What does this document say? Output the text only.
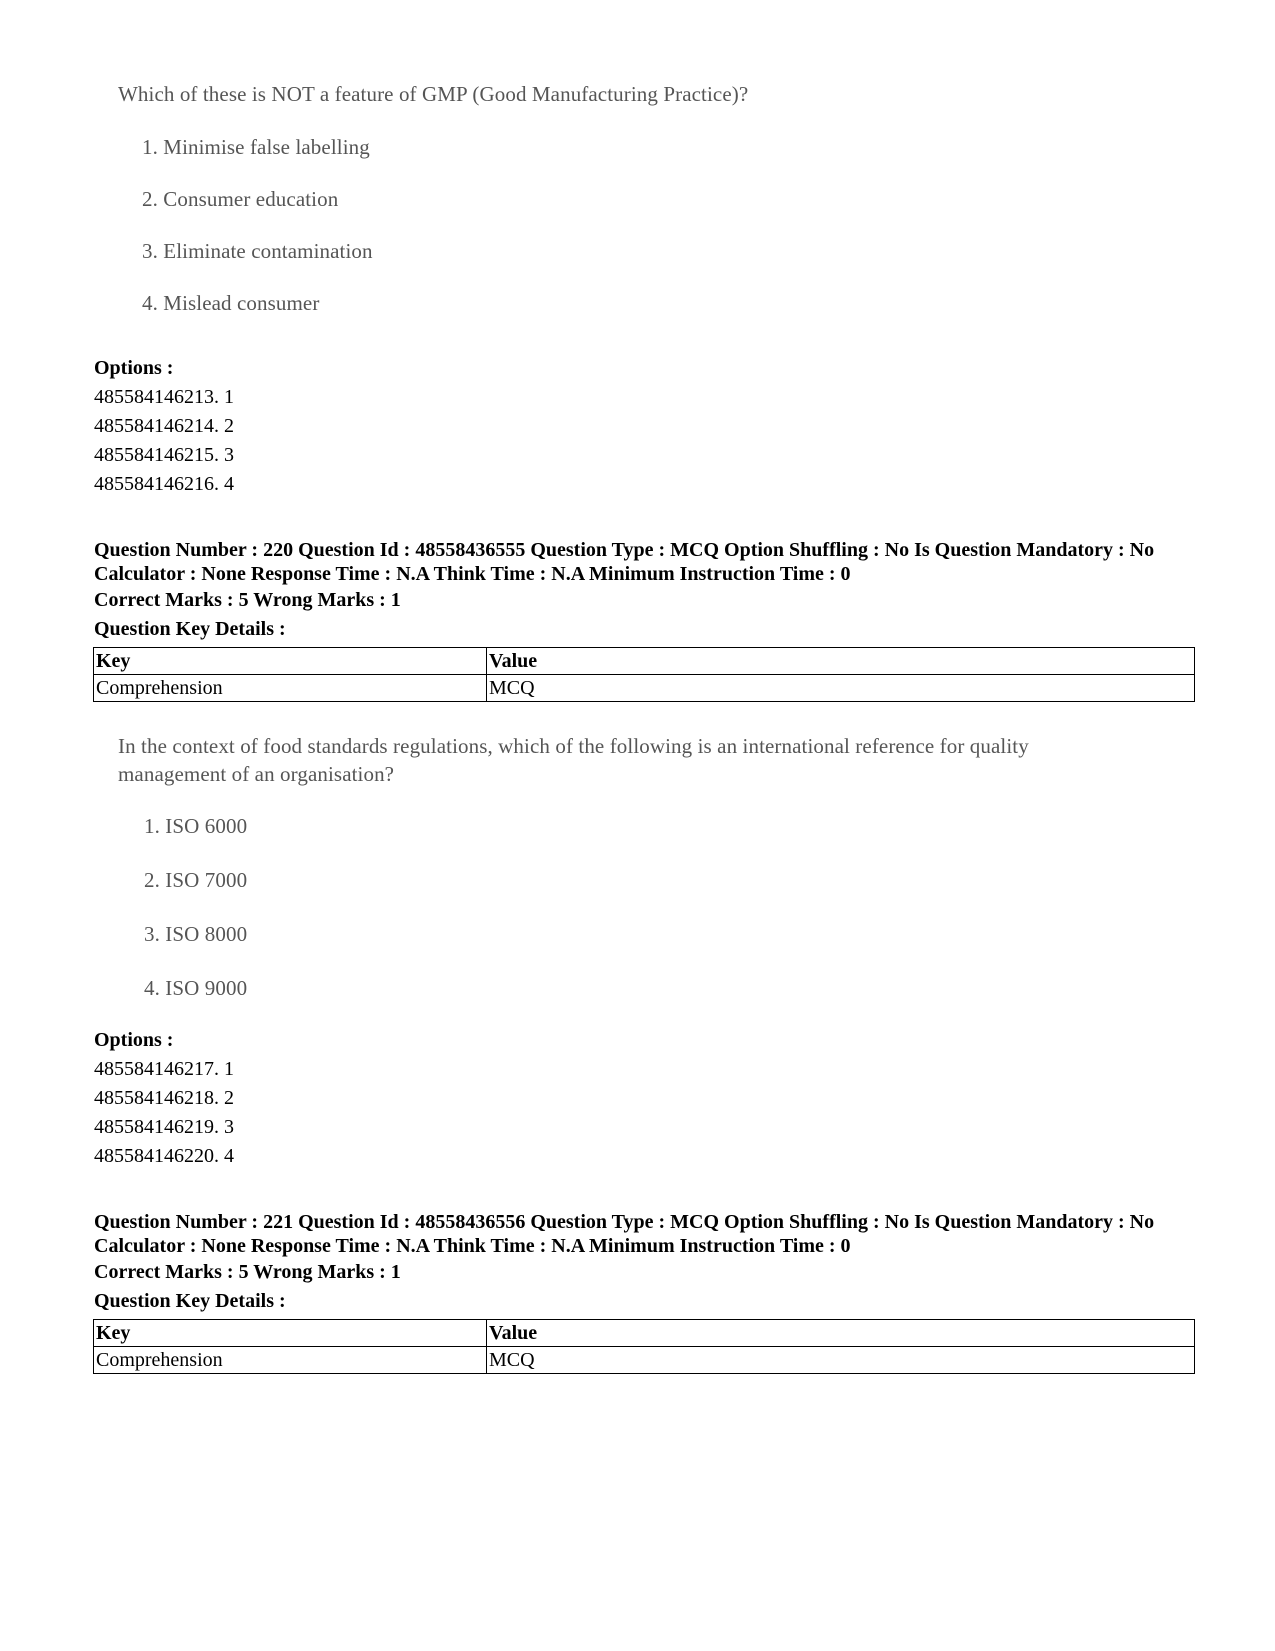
Which of these is NOT a feature of GMP (Good Manufacturing Practice)?

1. Minimise false labelling
2. Consumer education
3. Eliminate contamination
4. Mislead consumer
Options :
485584146213. 1
485584146214. 2
485584146215. 3
485584146216. 4
Question Number : 220 Question Id : 48558436555 Question Type : MCQ Option Shuffling : No Is Question Mandatory : No Calculator : None Response Time : N.A Think Time : N.A Minimum Instruction Time : 0
Correct Marks : 5 Wrong Marks : 1
Question Key Details :
Key	Value
Comprehension	MCQ

In the context of food standards regulations, which of the following is an international reference for quality

management of an organisation?

1. ISO 6000
2. ISO 7000
3. ISO 8000
4. ISO 9000
Options :
485584146217. 1
485584146218. 2
485584146219. 3
485584146220. 4
Question Number : 221 Question Id : 48558436556 Question Type : MCQ Option Shuffling : No Is Question Mandatory : No Calculator : None Response Time : N.A Think Time : N.A Minimum Instruction Time : 0
Correct Marks : 5 Wrong Marks : 1
Question Key Details :
Key	Value
Comprehension	MCQ
